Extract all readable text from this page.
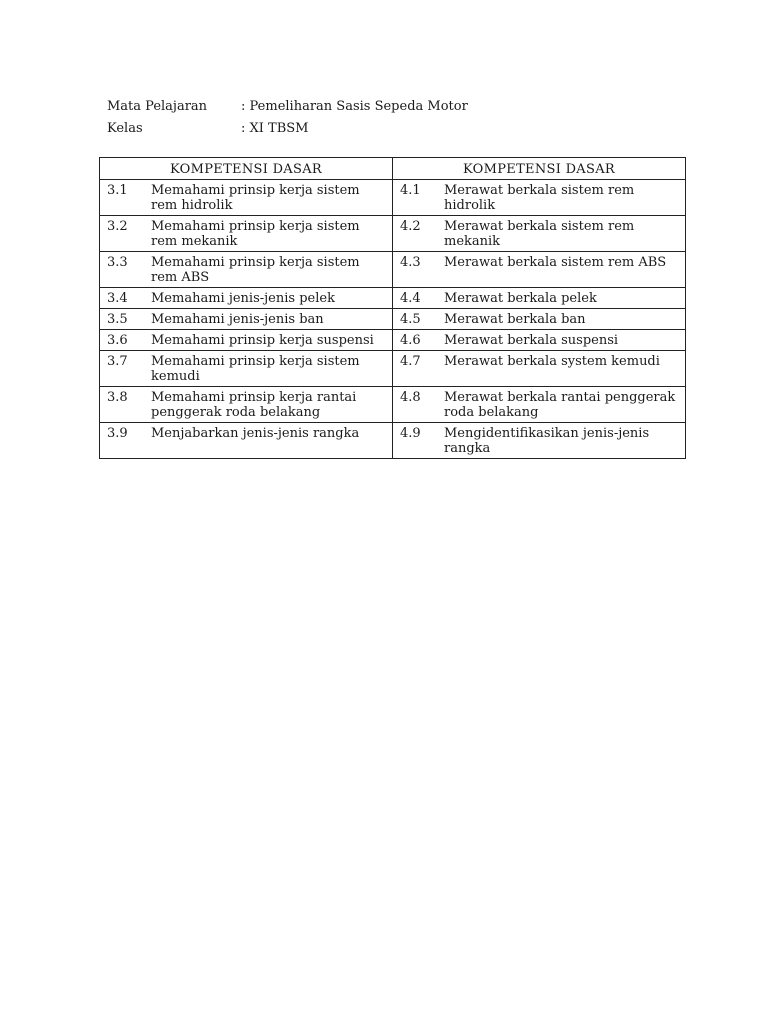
Mata Pelajaran	: Pemeliharan Sasis Sepeda Motor
Kelas	: XI TBSM
KOMPETENSI DASAR	KOMPETENSI DASAR

3.1 Memahami prinsip kerja sistem rem hidrolik	4.1 Merawat berkala sistem rem hidrolik

3.2 Memahami prinsip kerja sistem rem mekanik	4.2 Merawat berkala sistem rem mekanik

3.3 Memahami prinsip kerja sistem rem ABS	4.3 Merawat berkala sistem rem ABS

3.4 Memahami jenis-jenis pelek	4.4 Merawat berkala pelek

3.5 Memahami jenis-jenis ban	4.5 Merawat berkala ban

3.6 Memahami prinsip kerja suspensi	4.6 Merawat berkala suspensi

3.7 Memahami prinsip kerja sistem kemudi	4.7 Merawat berkala system kemudi

3.8 Memahami prinsip kerja rantai penggerak roda belakang	4.8 Merawat berkala rantai penggerak roda belakang

3.9 Menjabarkan jenis-jenis rangka	4.9 Mengidentifikasikan jenis-jenis rangka
